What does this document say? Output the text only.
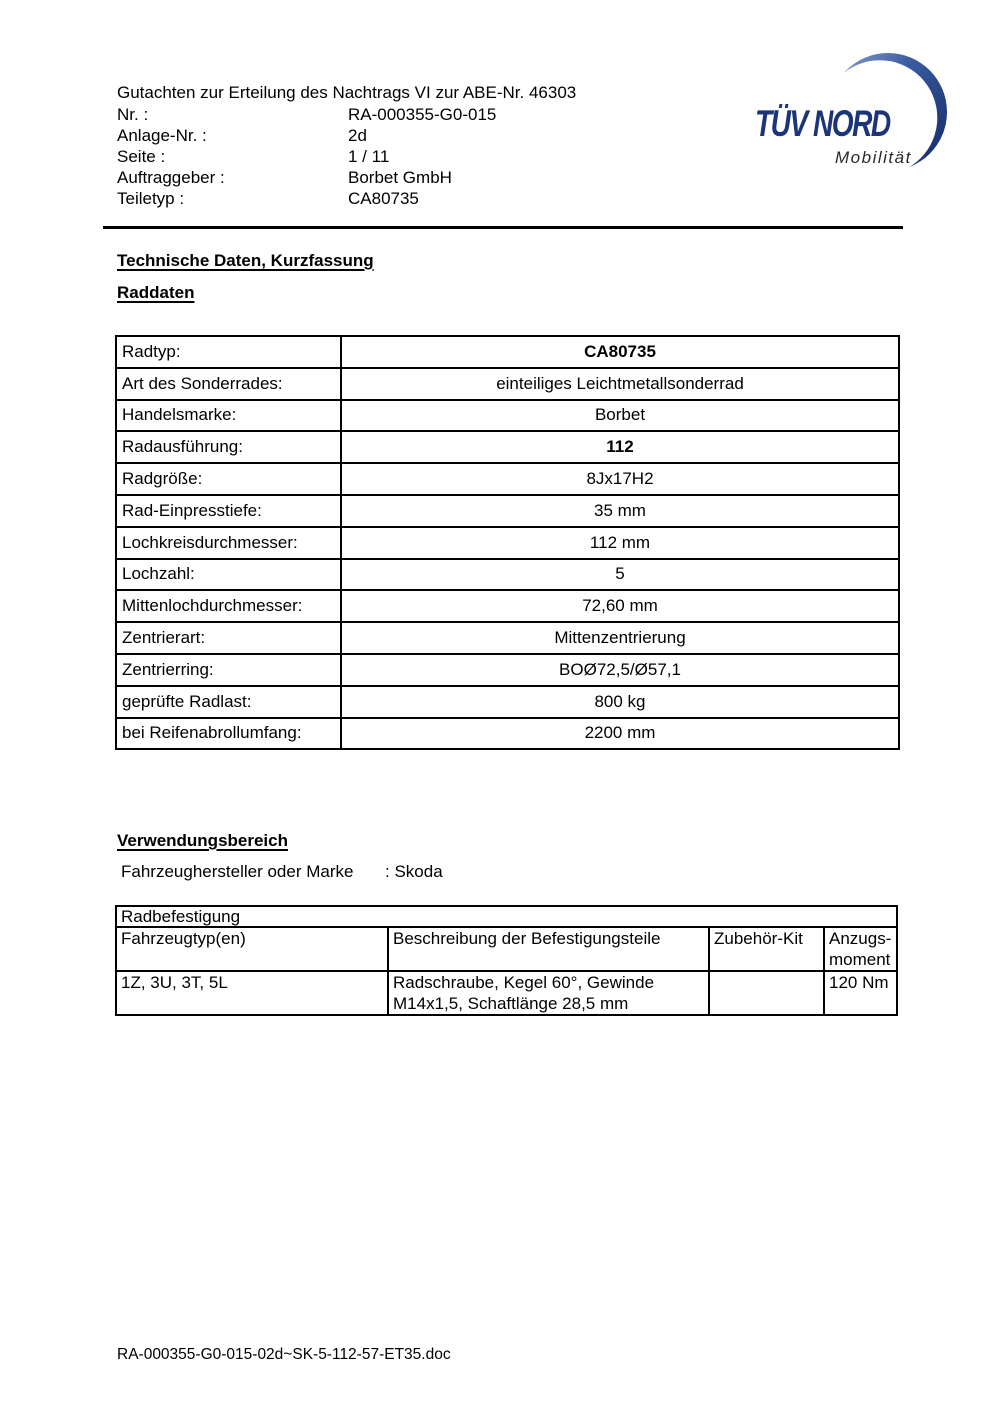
Gutachten zur Erteilung des Nachtrags VI zur ABE-Nr. 46303
Nr. :	RA-000355-G0-015
Anlage-Nr. :	2d
Seite :	1 / 11
Auftraggeber :	Borbet GmbH
Teiletyp :	CA80735
TÜV NORD
Mobilität
Technische Daten, Kurzfassung
Raddaten
Radtyp:	CA80735
Art des Sonderrades:	einteiliges Leichtmetallsonderrad
Handelsmarke:	Borbet
Radausführung:	112
Radgröße:	8Jx17H2
Rad-Einpresstiefe:	35 mm
Lochkreisdurchmesser:	112 mm
Lochzahl:	5
Mittenlochdurchmesser:	72,60 mm
Zentrierart:	Mittenzentrierung
Zentrierring:	BOØ72,5/Ø57,1
geprüfte Radlast:	800 kg
bei Reifenabrollumfang:	2200 mm
Verwendungsbereich
Fahrzeughersteller oder Marke : Skoda
Radbefestigung			
Fahrzeugtyp(en)	Beschreibung der Befestigungsteile	Zubehör-Kit	Anzugs-moment
1Z, 3U, 3T, 5L	Radschraube, Kegel 60°, Gewinde M14x1,5, Schaftlänge 28,5 mm		120 Nm
RA-000355-G0-015-02d~SK-5-112-57-ET35.doc
